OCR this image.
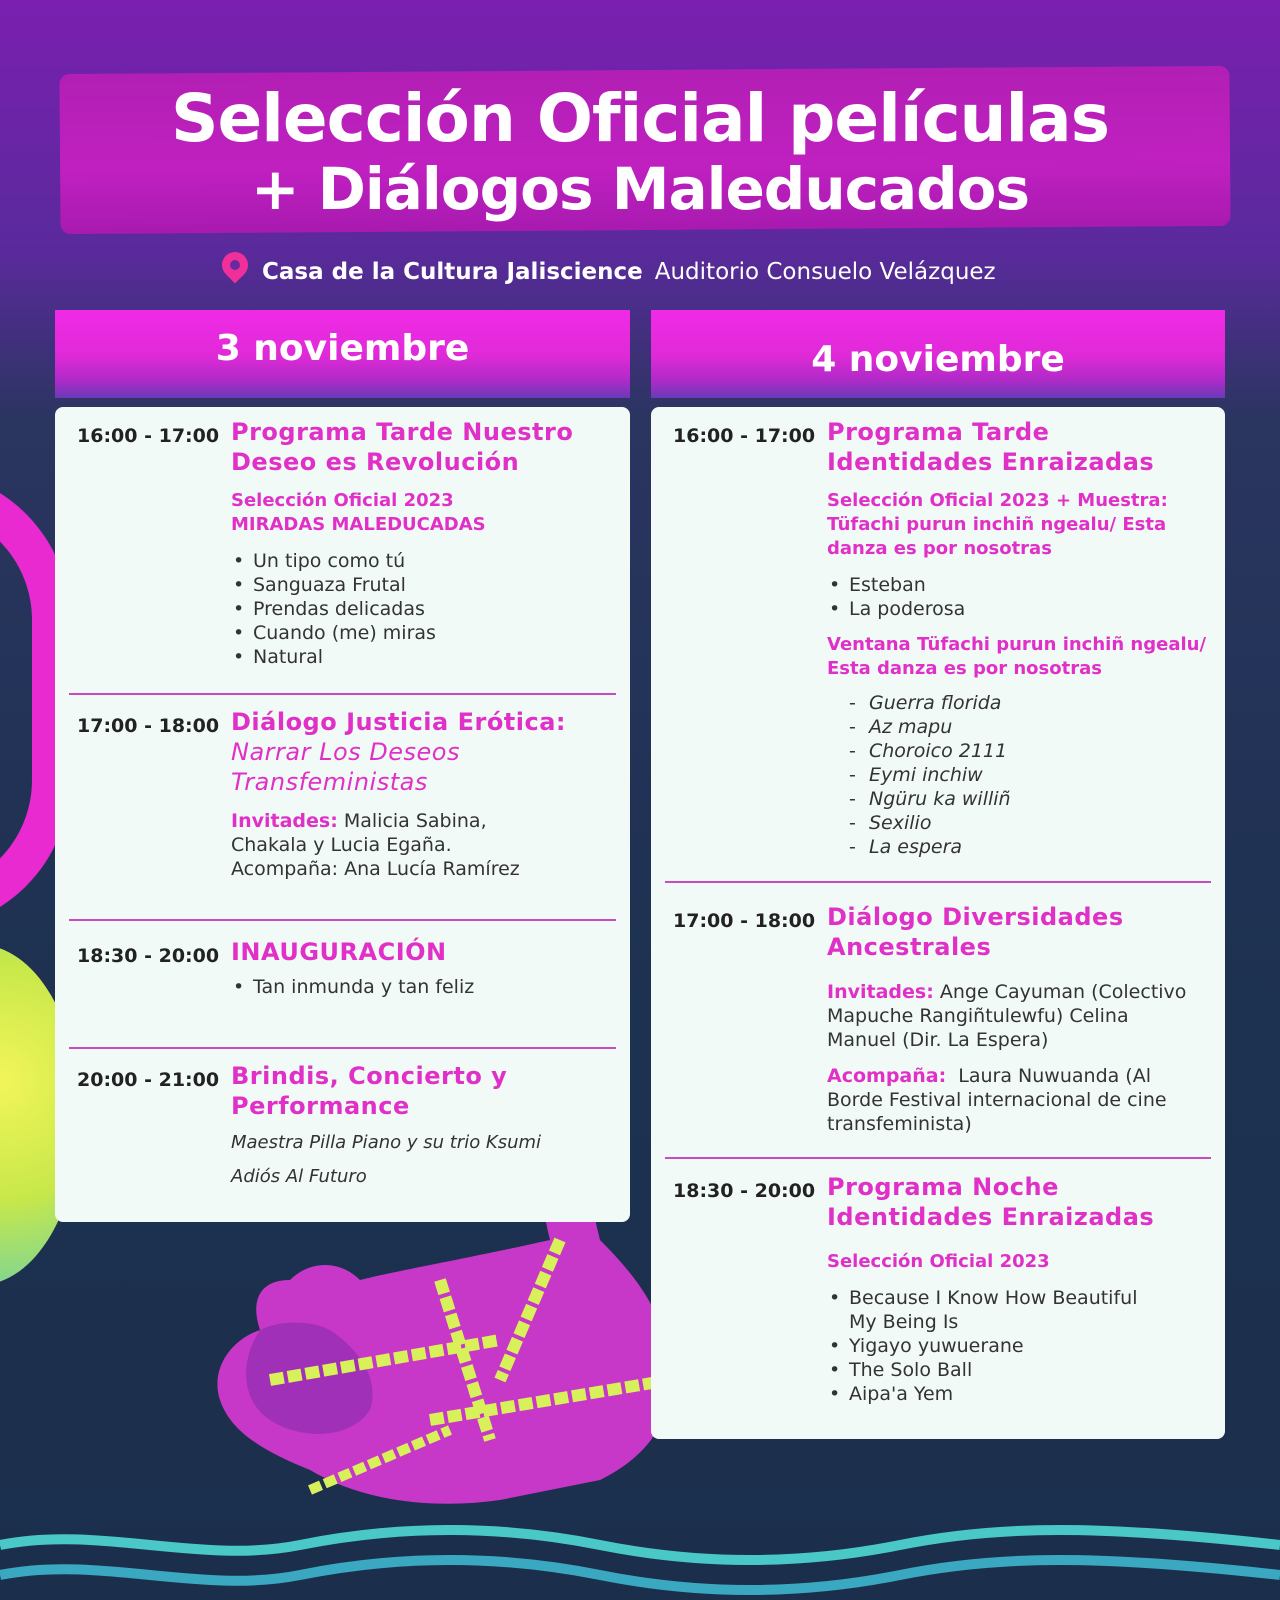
Selección Oficial películas
+ Diálogos Maleducados
Casa de la Cultura Jaliscience Auditorio Consuelo Velázquez
3 noviembre	4 noviembre
16:00 - 17:00 Programa Tarde Nuestro Deseo es Revolución
Selección Oficial 2023
MIRADAS MALEDUCADAS
• Un tipo como tú
• Sanguaza Frutal
• Prendas delicadas
• Cuando (me) miras
• Natural
17:00 - 18:00 Diálogo Justicia Erótica:
Narrar Los Deseos
Transfeministas
Invitades: Malicia Sabina,
Chakala y Lucia Egaña.
Acompaña: Ana Lucía Ramírez
18:30 - 20:00 INAUGURACIÓN
• Tan inmunda y tan feliz
20:00 - 21:00 Brindis, Concierto y
Performance
Maestra Pilla Piano y su trio Ksumi
Adiós Al Futuro
16:00 - 17:00 Programa Tarde
Identidades Enraizadas
Selección Oficial 2023 + Muestra:
Tüfachi purun inchiñ ngealu/ Esta
danza es por nosotras
• Esteban
• La poderosa
Ventana Tüfachi purun inchiñ ngealu/
Esta danza es por nosotras
- Guerra florida
- Az mapu
- Choroico 2111
- Eymi inchiw
- Ngüru ka williñ
- Sexilio
- La espera
17:00 - 18:00 Diálogo Diversidades
Ancestrales
Invitades: Ange Cayuman (Colectivo
Mapuche Rangiñtulewfu) Celina
Manuel (Dir. La Espera)
Acompaña: Laura Nuwuanda (Al
Borde Festival internacional de cine
transfeminista)
18:30 - 20:00 Programa Noche
Identidades Enraizadas
Selección Oficial 2023
• Because I Know How Beautiful
My Being Is
• Yigayo yuwuerane
• The Solo Ball
• Aipa'a Yem
